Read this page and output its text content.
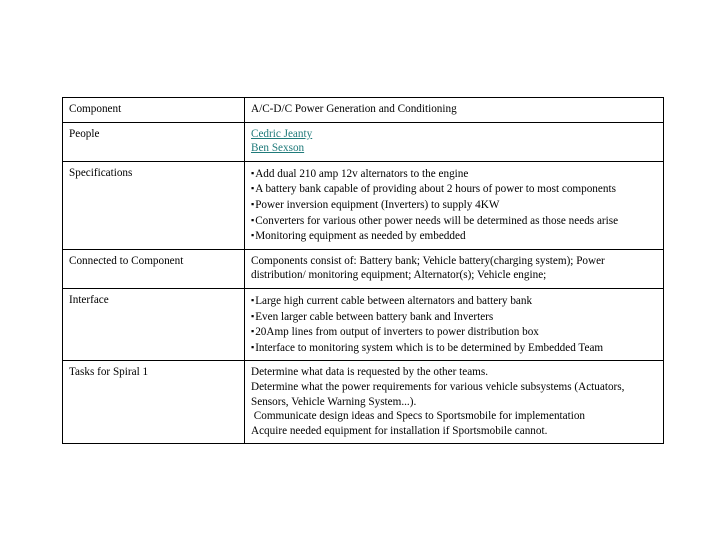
Component	A/C-D/C Power Generation and Conditioning

People	Cedric Jeanty
Ben Sexson

Specifications	▪ Add dual 210 amp 12v alternators to the engine
▪ A battery bank capable of providing about 2 hours of power to most components
▪ Power inversion equipment (Inverters) to supply 4KW
▪ Converters for various other power needs will be determined as those needs arise
▪ Monitoring equipment as needed by embedded

Connected to Component	Components consist of: Battery bank; Vehicle battery(charging system); Power distribution/ monitoring equipment; Alternator(s); Vehicle engine;

Interface	▪ Large high current cable between alternators and battery bank
▪ Even larger cable between battery bank and Inverters
▪ 20Amp lines from output of inverters to power distribution box
▪ Interface to monitoring system which is to be determined by Embedded Team

Tasks for Spiral 1	Determine what data is requested by the other teams.
Determine what the power requirements for various vehicle subsystems (Actuators, Sensors, Vehicle Warning System...).
Communicate design ideas and Specs to Sportsmobile for implementation
Acquire needed equipment for installation if Sportsmobile cannot.
